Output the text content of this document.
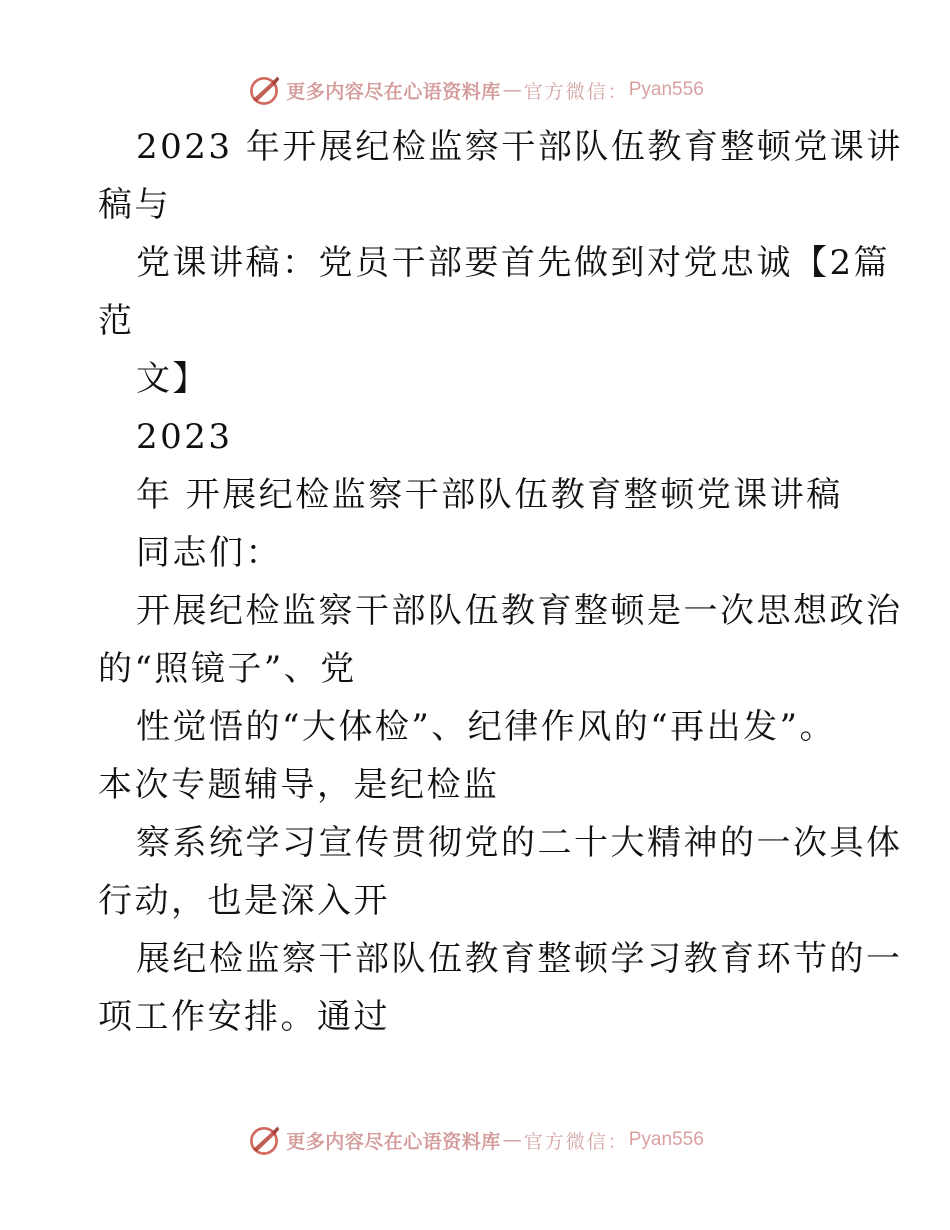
更多内容尽在心语资料库 — 官方微信： Pyan556
2023 年开展纪检监察干部队伍教育整顿党课讲
稿与
党课讲稿：党员干部要首先做到对党忠诚【2篇
范
文】
2023
年 开展纪检监察干部队伍教育整顿党课讲稿
同志们：
开展纪检监察干部队伍教育整顿是一次思想政治
的“照镜子”、党
性觉悟的“大体检”、纪律作风的“再出发”。
本次专题辅导，是纪检监
察系统学习宣传贯彻党的二十大精神的一次具体
行动，也是深入开
展纪检监察干部队伍教育整顿学习教育环节的一
项工作安排。通过
更多内容尽在心语资料库 — 官方微信： Pyan556
